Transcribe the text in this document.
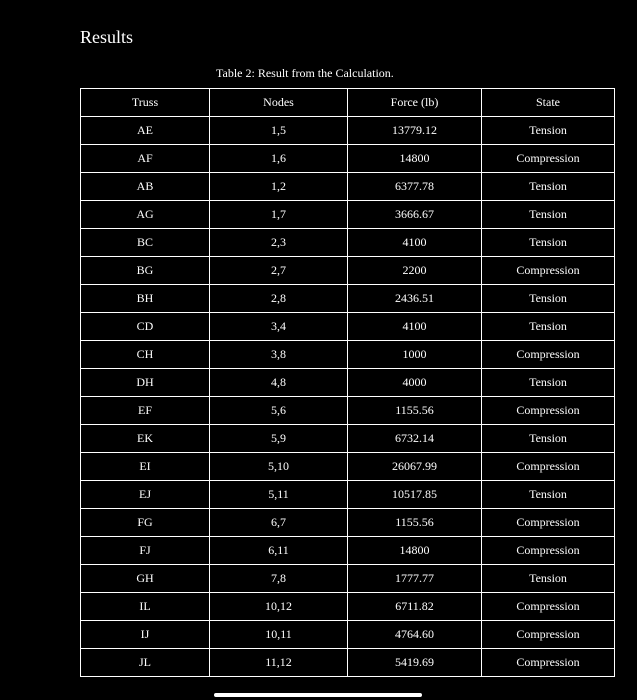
Results
Table 2: Result from the Calculation.
Truss	Nodes	Force (lb)	State
AE	1,5	13779.12	Tension
AF	1,6	14800	Compression
AB	1,2	6377.78	Tension
AG	1,7	3666.67	Tension
BC	2,3	4100	Tension
BG	2,7	2200	Compression
BH	2,8	2436.51	Tension
CD	3,4	4100	Tension
CH	3,8	1000	Compression
DH	4,8	4000	Tension
EF	5,6	1155.56	Compression
EK	5,9	6732.14	Tension
EI	5,10	26067.99	Compression
EJ	5,11	10517.85	Tension
FG	6,7	1155.56	Compression
FJ	6,11	14800	Compression
GH	7,8	1777.77	Tension
IL	10,12	6711.82	Compression
IJ	10,11	4764.60	Compression
JL	11,12	5419.69	Compression
